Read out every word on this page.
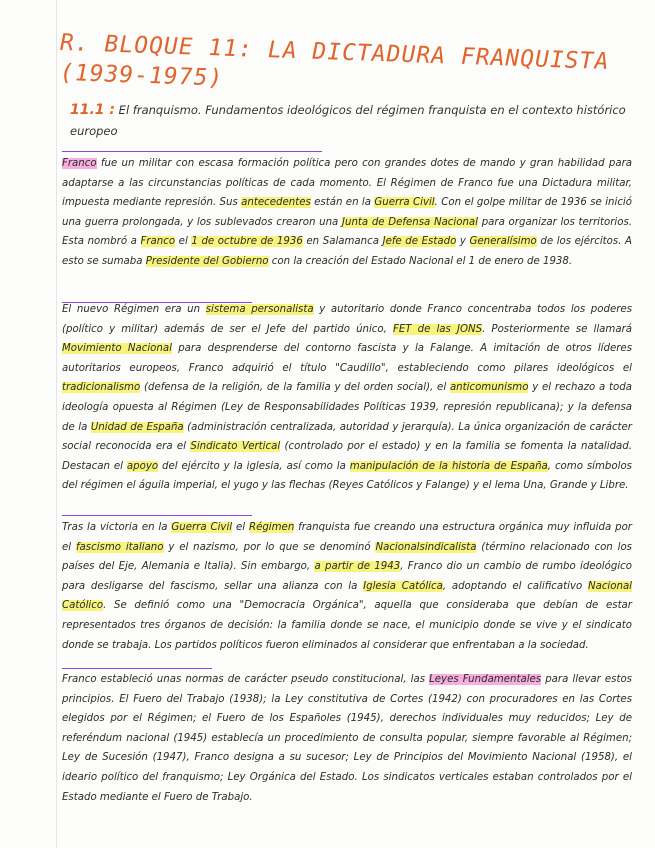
R. BLOQUE 11: LA DICTADURA FRANQUISTA (1939-1975)
11.1 : El franquismo. Fundamentos ideológicos del régimen franquista en el contexto histórico europeo
Franco fue un militar con escasa formación política pero con grandes dotes de mando y gran habilidad para adaptarse a las circunstancias políticas de cada momento. El Régimen de Franco fue una Dictadura militar, impuesta mediante represión. Sus antecedentes están en la Guerra Civil. Con el golpe militar de 1936 se inició una guerra prolongada, y los sublevados crearon una Junta de Defensa Nacional para organizar los territorios. Esta nombró a Franco el 1 de octubre de 1936 en Salamanca Jefe de Estado y Generalísimo de los ejércitos. A esto se sumaba Presidente del Gobierno con la creación del Estado Nacional el 1 de enero de 1938.
El nuevo Régimen era un sistema personalista y autoritario donde Franco concentraba todos los poderes (político y militar) además de ser el Jefe del partido único, FET de las JONS. Posteriormente se llamará Movimiento Nacional para desprenderse del contorno fascista y la Falange. A imitación de otros líderes autoritarios europeos, Franco adquirió el título "Caudillo", estableciendo como pilares ideológicos el tradicionalismo (defensa de la religión, de la familia y del orden social), el anticomunismo y el rechazo a toda ideología opuesta al Régimen (Ley de Responsabilidades Políticas 1939, represión republicana); y la defensa de la Unidad de España (administración centralizada, autoridad y jerarquía). La única organización de carácter social reconocida era el Sindicato Vertical (controlado por el estado) y en la familia se fomenta la natalidad. Destacan el apoyo del ejército y la iglesia, así como la manipulación de la historia de España, como símbolos del régimen el águila imperial, el yugo y las flechas (Reyes Católicos y Falange) y el lema Una, Grande y Libre.
Tras la victoria en la Guerra Civil el Régimen franquista fue creando una estructura orgánica muy influida por el fascismo italiano y el nazismo, por lo que se denominó Nacionalsindicalista (término relacionado con los países del Eje, Alemania e Italia). Sin embargo, a partir de 1943, Franco dio un cambio de rumbo ideológico para desligarse del fascismo, sellar una alianza con la Iglesia Católica, adoptando el calificativo Nacional Católico. Se definió como una "Democracia Orgánica", aquella que consideraba que debían de estar representados tres órganos de decisión: la familia donde se nace, el municipio donde se vive y el sindicato donde se trabaja. Los partidos políticos fueron eliminados al considerar que enfrentaban a la sociedad.
Franco estableció unas normas de carácter pseudo constitucional, las Leyes Fundamentales para llevar estos principios. El Fuero del Trabajo (1938); la Ley constitutiva de Cortes (1942) con procuradores en las Cortes elegidos por el Régimen; el Fuero de los Españoles (1945), derechos individuales muy reducidos; Ley de referéndum nacional (1945) establecía un procedimiento de consulta popular, siempre favorable al Régimen; Ley de Sucesión (1947), Franco designa a su sucesor; Ley de Principios del Movimiento Nacional (1958), el ideario político del franquismo; Ley Orgánica del Estado. Los sindicatos verticales estaban controlados por el Estado mediante el Fuero de Trabajo.
